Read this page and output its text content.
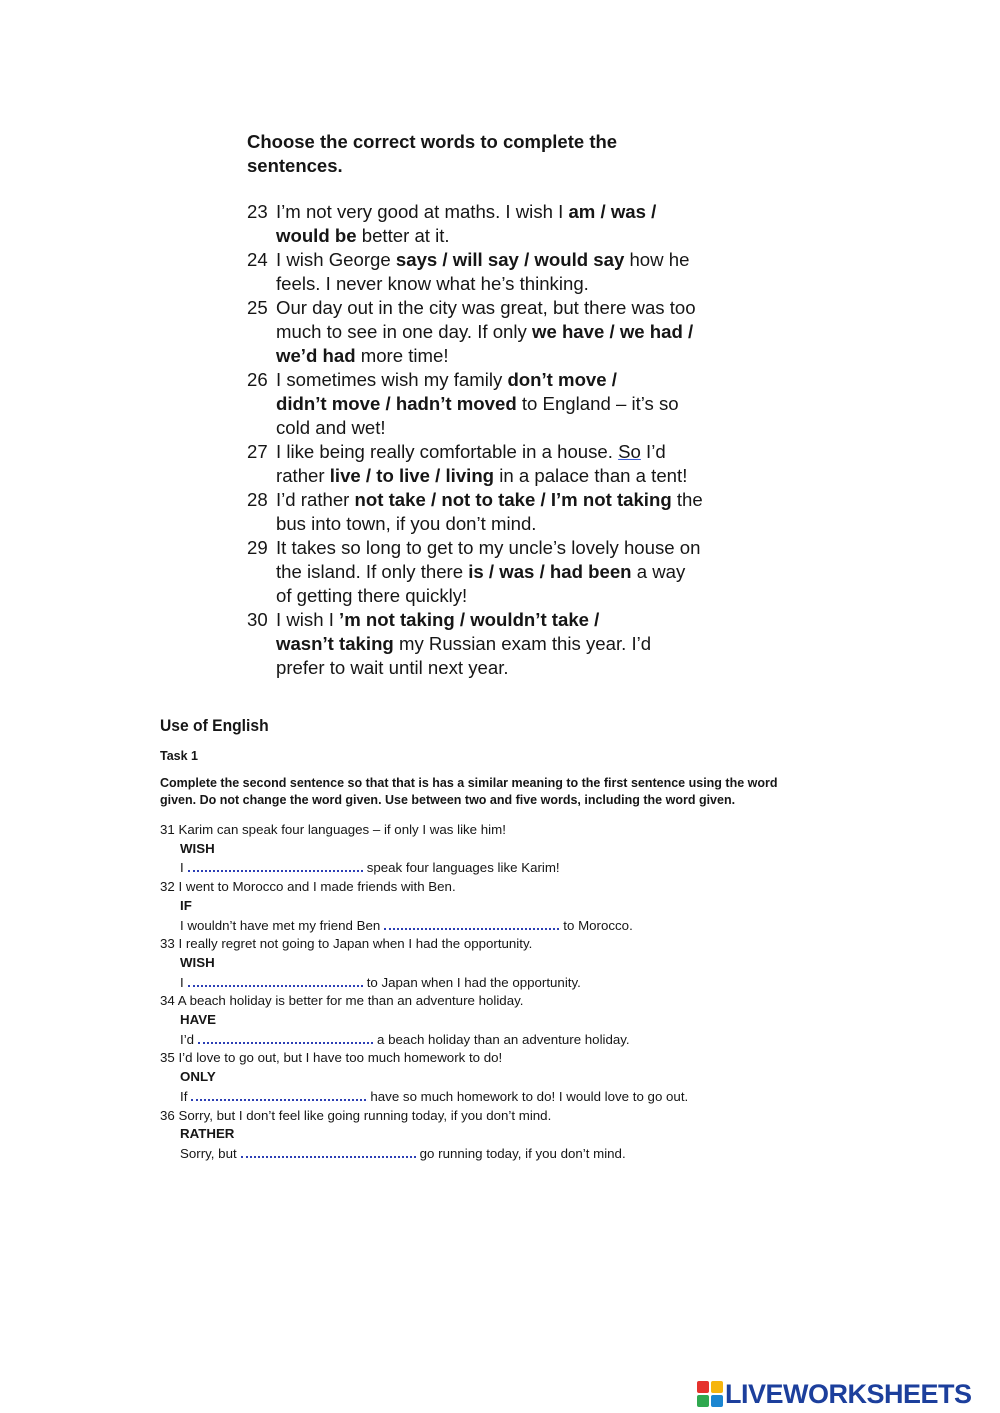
Choose the correct words to complete the
sentences.

23 I’m not very good at maths. I wish I am / was /
would be better at it.
24 I wish George says / will say / would say how he
feels. I never know what he’s thinking.
25 Our day out in the city was great, but there was too
much to see in one day. If only we have / we had /
we’d had more time!
26 I sometimes wish my family don’t move /
didn’t move / hadn’t moved to England – it’s so
cold and wet!
27 I like being really comfortable in a house. So I’d
rather live / to live / living in a palace than a tent!
28 I’d rather not take / not to take / I’m not taking the
bus into town, if you don’t mind.
29 It takes so long to get to my uncle’s lovely house on
the island. If only there is / was / had been a way
of getting there quickly!
30 I wish I ’m not taking / wouldn’t take /
wasn’t taking my Russian exam this year. I’d
prefer to wait until next year.

Use of English

Task 1

Complete the second sentence so that that is has a similar meaning to the first sentence using the word
given. Do not change the word given. Use between two and five words, including the word given.

31 Karim can speak four languages – if only I was like him!
WISH
I	speak four languages like Karim!
32 I went to Morocco and I made friends with Ben.
IF
I wouldn’t have met my friend Ben	to Morocco.
33 I really regret not going to Japan when I had the opportunity.
WISH
I	to Japan when I had the opportunity.
34 A beach holiday is better for me than an adventure holiday.
HAVE
I’d	a beach holiday than an adventure holiday.
35 I’d love to go out, but I have too much homework to do!
ONLY
If	have so much homework to do! I would love to go out.
36 Sorry, but I don’t feel like going running today, if you don’t mind.
RATHER
Sorry, but	go running today, if you don’t mind.
LIVEWORKSHEETS
